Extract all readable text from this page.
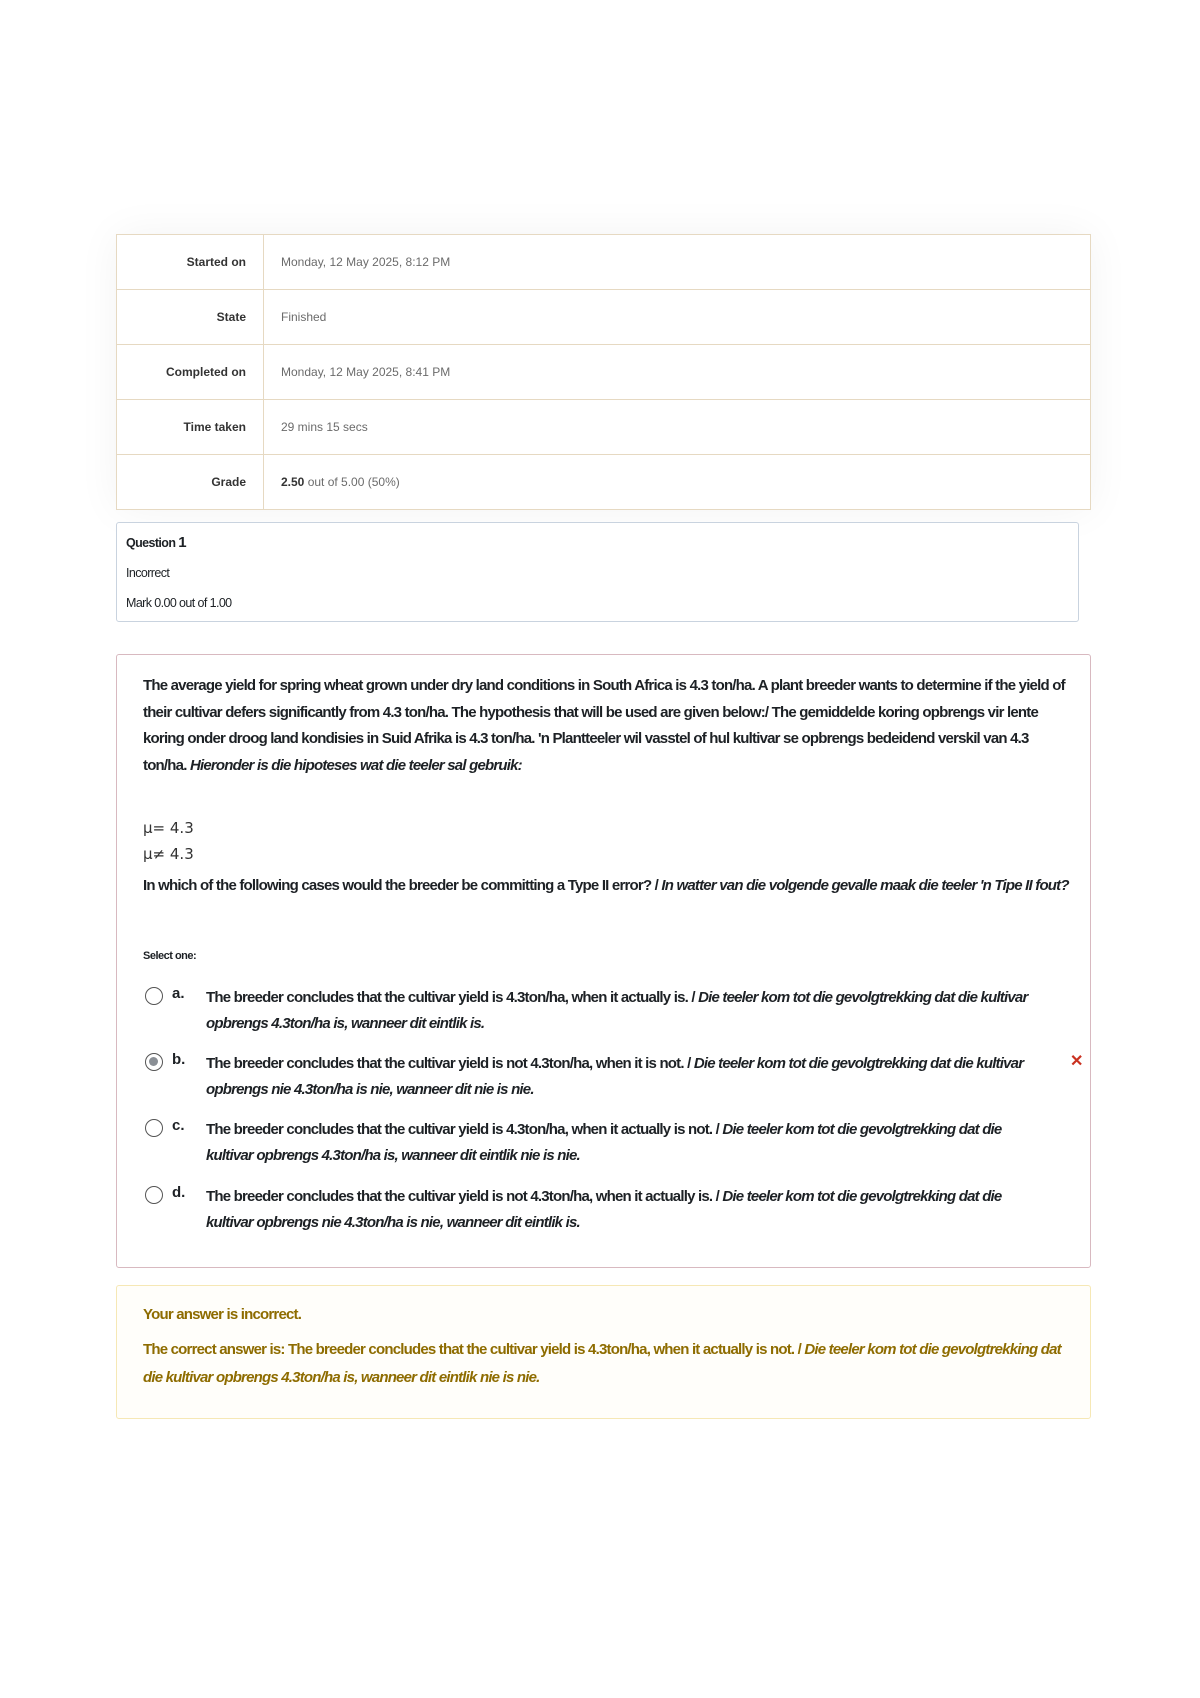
Started on	Monday, 12 May 2025, 8:12 PM
State	Finished
Completed on	Monday, 12 May 2025, 8:41 PM
Time taken	29 mins 15 secs
Grade	2.50 out of 5.00 (50%)
Question 1
Incorrect
Mark 0.00 out of 1.00
The average yield for spring wheat grown under dry land conditions in South Africa is 4.3 ton/ha. A plant breeder wants to determine if the yield of their cultivar defers significantly from 4.3 ton/ha. The hypothesis that will be used are given below:/ The gemiddelde koring opbrengs vir lente koring onder droog land kondisies in Suid Afrika is 4.3 ton/ha. 'n Plantteeler wil vasstel of hul kultivar se opbrengs bedeidend verskil van 4.3 ton/ha. Hieronder is die hipoteses wat die teeler sal gebruik:
μ= 4.3
μ≠ 4.3
In which of the following cases would the breeder be committing a Type II error? / In watter van die volgende gevalle maak die teeler 'n Tipe II fout?
Select one:
a. The breeder concludes that the cultivar yield is 4.3ton/ha, when it actually is. / Die teeler kom tot die gevolgtrekking dat die kultivar opbrengs 4.3ton/ha is, wanneer dit eintlik is.
b. The breeder concludes that the cultivar yield is not 4.3ton/ha, when it is not. / Die teeler kom tot die gevolgtrekking dat die kultivar opbrengs nie 4.3ton/ha is nie, wanneer dit nie is nie.
✕
c. The breeder concludes that the cultivar yield is 4.3ton/ha, when it actually is not. / Die teeler kom tot die gevolgtrekking dat die kultivar opbrengs 4.3ton/ha is, wanneer dit eintlik nie is nie.
d. The breeder concludes that the cultivar yield is not 4.3ton/ha, when it actually is. / Die teeler kom tot die gevolgtrekking dat die kultivar opbrengs nie 4.3ton/ha is nie, wanneer dit eintlik is.
Your answer is incorrect.
The correct answer is: The breeder concludes that the cultivar yield is 4.3ton/ha, when it actually is not. / Die teeler kom tot die gevolgtrekking dat die kultivar opbrengs 4.3ton/ha is, wanneer dit eintlik nie is nie.
